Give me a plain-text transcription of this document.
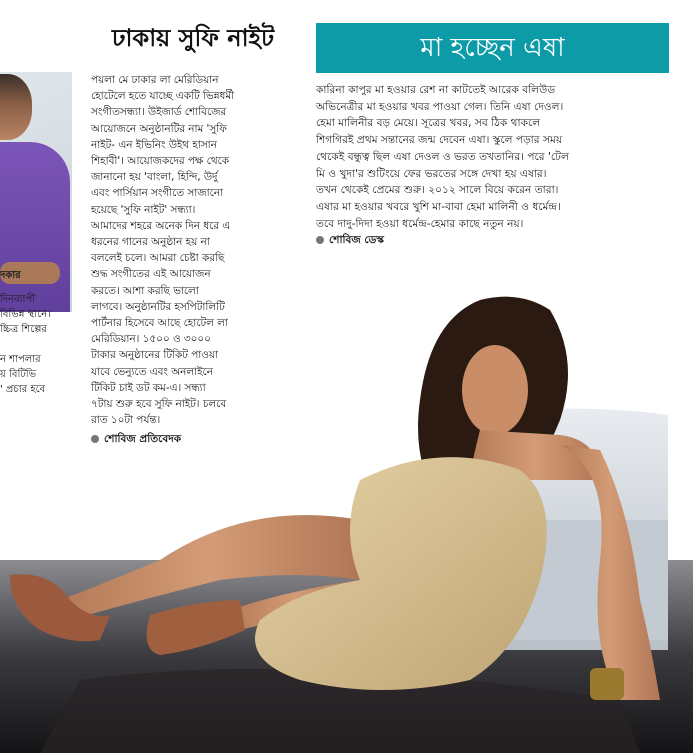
দকার
দিনব্যাপী
বিভিন্ন স্থানে।
চ্চিত্র শিল্পের

ন শাপলার
য় বিটিভি
' প্রচার হবে
ঢাকায় সুফি নাইট
পয়লা মে ঢাকার লা মেরিডিয়ান
হোটেলে হতে যাচ্ছে একটি ভিন্নধর্মী
সংগীতসন্ধ্যা। উইজার্ড শোবিজের
আয়োজনে অনুষ্ঠানটির নাম 'সুফি
নাইট- এন ইভিনিং উইথ হাসান
শিহাবী'। আয়োজকদের পক্ষ থেকে
জানানো হয় 'বাংলা, হিন্দি, উর্দু
এবং পার্সিয়ান সংগীতে সাজানো
হয়েছে 'সুফি নাইট' সন্ধ্যা।
আমাদের শহরে অনেক দিন ধরে এ
ধরনের গানের অনুষ্ঠান হয় না
বললেই চলে। আমরা চেষ্টা করছি
শুদ্ধ সংগীতের এই আয়োজন
করতে। আশা করছি ভালো
লাগবে। অনুষ্ঠানটির হসপিটালিটি
পার্টনার হিসেবে আছে হোটেল লা
মেরিডিয়ান। ১৫০০ ও ৩০০০
টাকার অনুষ্ঠানের টিকিট পাওয়া
যাবে ভেন্যুতে এবং অনলাইনে
টিকিট চাই ডট কম-এ। সন্ধ্যা
৭টায় শুরু হবে সুফি নাইট। চলবে
রাত ১০টা পর্যন্ত।
শোবিজ প্রতিবেদক
মা হচ্ছেন এষা
কারিনা কাপুর মা হওয়ার রেশ না কাটতেই আরেক বলিউড
অভিনেত্রীর মা হওয়ার খবর পাওয়া গেল। তিনি এষা দেওল।
হেমা মালিনীর বড় মেয়ে। সূত্রের খবর, সব ঠিক থাকলে
শিগগিরই প্রথম সন্তানের জন্ম দেবেন এষা। স্কুলে পড়ার সময়
থেকেই বন্ধুত্ব ছিল এষা দেওল ও ভরত তখতানির। পরে 'টেল
মি ও খুদা'র শুটিংয়ে ফের ভরতের সঙ্গে দেখা হয় এষার।
তখন থেকেই প্রেমের শুরু। ২০১২ সালে বিয়ে করেন তারা।
এষার মা হওয়ার খবরে খুশি মা-বাবা হেমা মালিনী ও ধর্মেন্দ্র।
তবে দাদু-দিদা হওয়া ধর্মেন্দ্র-হেমার কাছে নতুন নয়।
শোবিজ ডেস্ক
